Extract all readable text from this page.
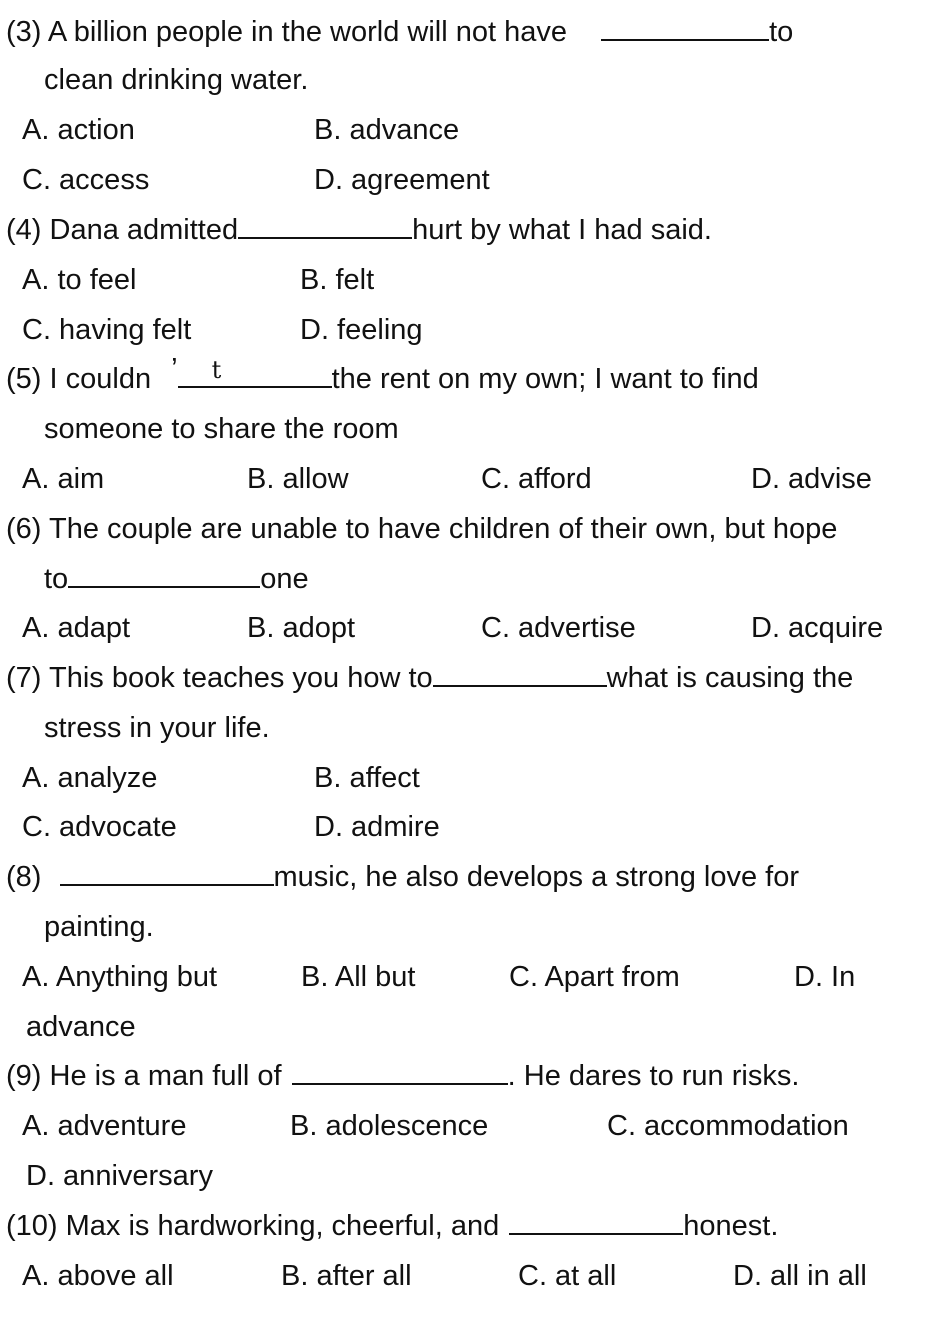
(3) A billion people in the world will not have	to
clean drinking water.
A. action	B. advance
C. access	D. agreement
(4) Dana admitted	hurt by what I had said.
A. to feel	B. felt
C. having felt	D. feeling
(5) I couldn ’ t	the rent on my own; I want to find
someone to share the room
A. aim	B. allow	C. afford	D. advise
(6) The couple are unable to have children of their own, but hope
to	one
A. adapt	B. adopt	C. advertise	D. acquire
(7) This book teaches you how to	what is causing the
stress in your life.
A. analyze	B. affect
C. advocate	D. admire
(8)	music, he also develops a strong love for
painting.
A. Anything but	B. All but	C. Apart from	D. In
advance
(9) He is a man full of	. He dares to run risks.
A. adventure	B. adolescence	C. accommodation
D. anniversary
(10) Max is hardworking, cheerful, and	honest.
A. above all	B. after all	C. at all	D. all in all
